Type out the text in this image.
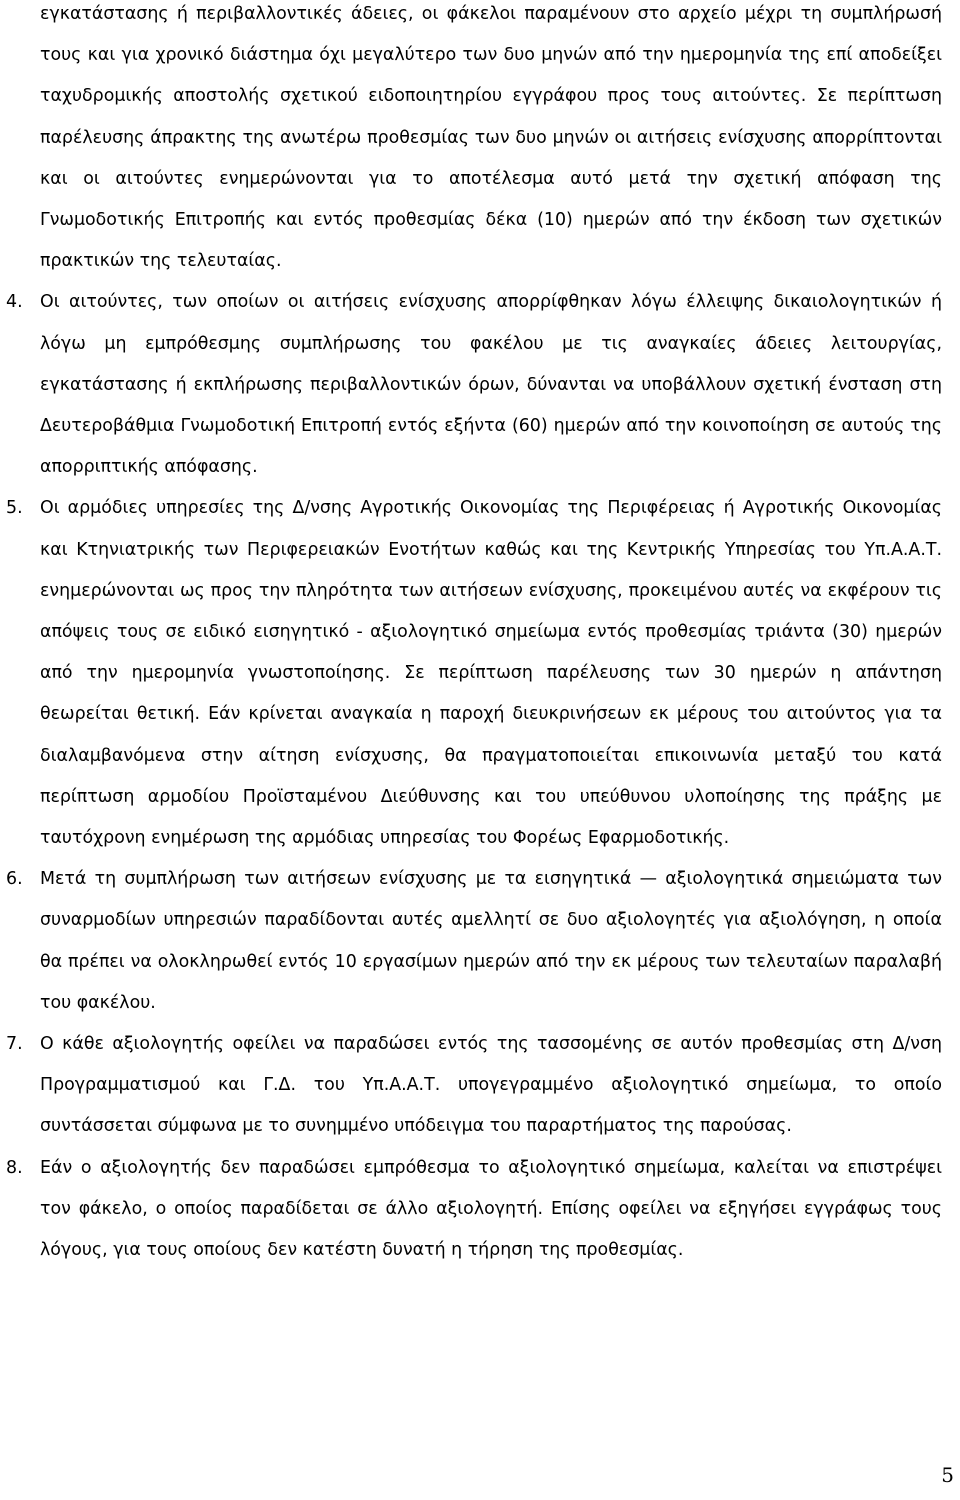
εγκατάστασης ή περιβαλλοντικές άδειες, οι φάκελοι παραμένουν στο αρχείο μέχρι τη συμπλήρωσή τους και για χρονικό διάστημα όχι μεγαλύτερο των δυο μηνών από την ημερομηνία της επί αποδείξει ταχυδρομικής αποστολής σχετικού ειδοποιητηρίου εγγράφου προς τους αιτούντες. Σε περίπτωση παρέλευσης άπρακτης της ανωτέρω προθεσμίας των δυο μηνών οι αιτήσεις ενίσχυσης απορρίπτονται και οι αιτούντες ενημερώνονται για το αποτέλεσμα αυτό μετά την σχετική απόφαση της Γνωμοδοτικής Επιτροπής και εντός προθεσμίας δέκα (10) ημερών από την έκδοση των σχετικών πρακτικών της τελευταίας.

4. Οι αιτούντες, των οποίων οι αιτήσεις ενίσχυσης απορρίφθηκαν λόγω έλλειψης δικαιολογητικών ή λόγω μη εμπρόθεσμης συμπλήρωσης του φακέλου με τις αναγκαίες άδειες λειτουργίας, εγκατάστασης ή εκπλήρωσης περιβαλλοντικών όρων, δύνανται να υποβάλλουν σχετική ένσταση στη Δευτεροβάθμια Γνωμοδοτική Επιτροπή εντός εξήντα (60) ημερών από την κοινοποίηση σε αυτούς της απορριπτικής απόφασης.

5. Οι αρμόδιες υπηρεσίες της Δ/νσης Αγροτικής Οικονομίας της Περιφέρειας ή Αγροτικής Οικονομίας και Κτηνιατρικής των Περιφερειακών Ενοτήτων καθώς και της Κεντρικής Υπηρεσίας του Υπ.Α.Α.Τ. ενημερώνονται ως προς την πληρότητα των αιτήσεων ενίσχυσης, προκειμένου αυτές να εκφέρουν τις απόψεις τους σε ειδικό εισηγητικό - αξιολογητικό σημείωμα εντός προθεσμίας τριάντα (30) ημερών από την ημερομηνία γνωστοποίησης. Σε περίπτωση παρέλευσης των 30 ημερών η απάντηση θεωρείται θετική. Εάν κρίνεται αναγκαία η παροχή διευκρινήσεων εκ μέρους του αιτούντος για τα διαλαμβανόμενα στην αίτηση ενίσχυσης, θα πραγματοποιείται επικοινωνία μεταξύ του κατά περίπτωση αρμοδίου Προϊσταμένου Διεύθυνσης και του υπεύθυνου υλοποίησης της πράξης με ταυτόχρονη ενημέρωση της αρμόδιας υπηρεσίας του Φορέως Εφαρμοδοτικής.

6. Μετά τη συμπλήρωση των αιτήσεων ενίσχυσης με τα εισηγητικά — αξιολογητικά σημειώματα των συναρμοδίων υπηρεσιών παραδίδονται αυτές αμελλητί σε δυο αξιολογητές για αξιολόγηση, η οποία θα πρέπει να ολοκληρωθεί εντός 10 εργασίμων ημερών από την εκ μέρους των τελευταίων παραλαβή του φακέλου.

7. Ο κάθε αξιολογητής οφείλει να παραδώσει εντός της τασσομένης σε αυτόν προθεσμίας στη Δ/νση Προγραμματισμού και Γ.Δ. του Υπ.Α.Α.Τ. υπογεγραμμένο αξιολογητικό σημείωμα, το οποίο συντάσσεται σύμφωνα με το συνημμένο υπόδειγμα του παραρτήματος της παρούσας.

8. Εάν ο αξιολογητής δεν παραδώσει εμπρόθεσμα το αξιολογητικό σημείωμα, καλείται να επιστρέψει τον φάκελο, ο οποίος παραδίδεται σε άλλο αξιολογητή. Επίσης οφείλει να εξηγήσει εγγράφως τους λόγους, για τους οποίους δεν κατέστη δυνατή η τήρηση της προθεσμίας.

5
